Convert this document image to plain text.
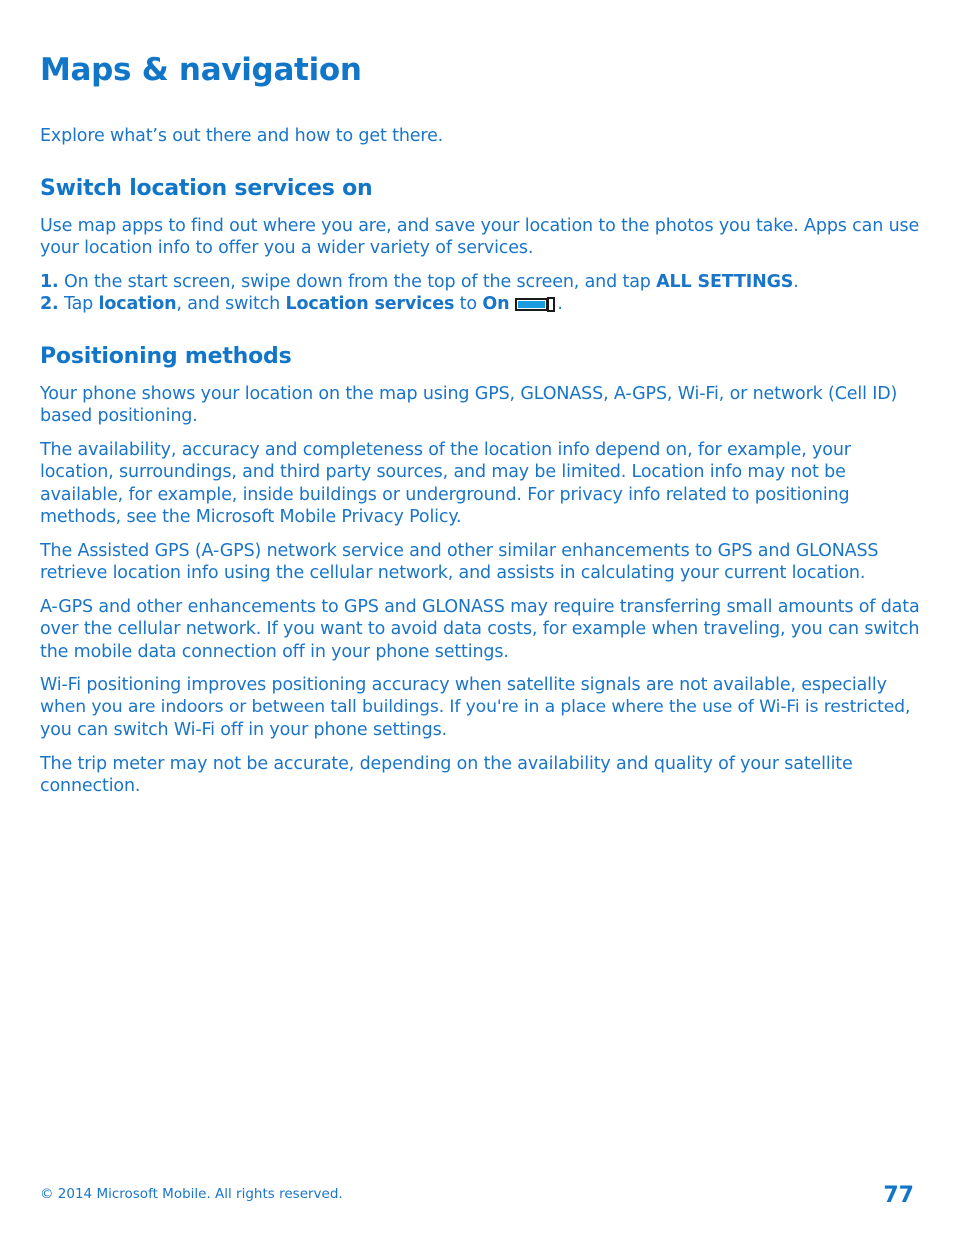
Maps & navigation

Explore what’s out there and how to get there.

Switch location services on
Use map apps to find out where you are, and save your location to the photos you take. Apps can use
your location info to offer you a wider variety of services.
1. On the start screen, swipe down from the top of the screen, and tap ALL SETTINGS.
2. Tap location, and switch Location services to On	.
Positioning methods
Your phone shows your location on the map using GPS, GLONASS, A-GPS, Wi-Fi, or network (Cell ID)
based positioning.
The availability, accuracy and completeness of the location info depend on, for example, your
location, surroundings, and third party sources, and may be limited. Location info may not be
available, for example, inside buildings or underground. For privacy info related to positioning
methods, see the Microsoft Mobile Privacy Policy.
The Assisted GPS (A-GPS) network service and other similar enhancements to GPS and GLONASS
retrieve location info using the cellular network, and assists in calculating your current location.
A-GPS and other enhancements to GPS and GLONASS may require transferring small amounts of data
over the cellular network. If you want to avoid data costs, for example when traveling, you can switch
the mobile data connection off in your phone settings.
Wi-Fi positioning improves positioning accuracy when satellite signals are not available, especially
when you are indoors or between tall buildings. If you're in a place where the use of Wi-Fi is restricted,
you can switch Wi-Fi off in your phone settings.
The trip meter may not be accurate, depending on the availability and quality of your satellite
connection.

© 2014 Microsoft Mobile. All rights reserved.	77
